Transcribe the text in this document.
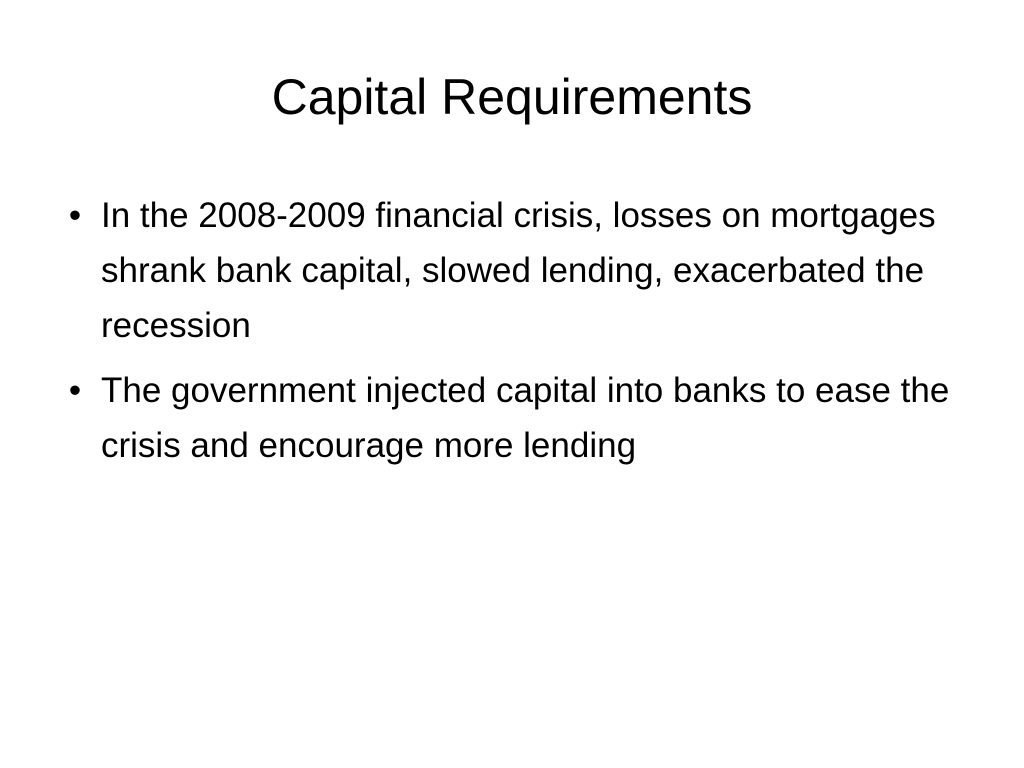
Capital Requirements
• In the 2008-2009 financial crisis, losses on mortgages shrank bank capital, slowed lending, exacerbated the recession
• The government injected capital into banks to ease the crisis and encourage more lending
